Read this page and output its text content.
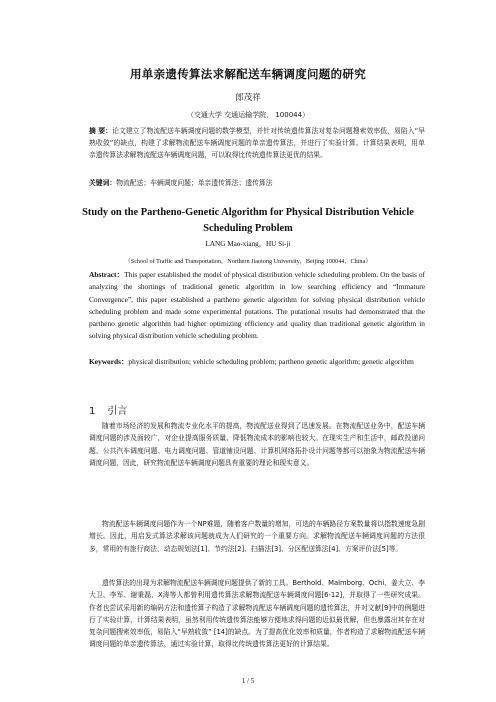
用单亲遗传算法求解配送车辆调度问题的研究
郎茂祥
（交通大学 交通运输学院， 100044）
摘 要：论文建立了物流配送车辆调度问题的数学模型，并针对传统遗传算法对复杂问题搜索效率低，易陷入“早熟收敛”的缺点，构建了求解物流配送车辆调度问题的单亲遗传算法，并进行了实验计算。计算结果表明，用单亲遗传算法求解物流配送车辆调度问题，可以取得比传统遗传算法更优的结果。
关键词：物流配送；车辆调度问题；单亲遗传算法；遗传算法
Study on the Partheno-Genetic Algorithm for Physical Distribution Vehicle Scheduling Problem
LANG Mao-xiang，HU Si-ji
（School of Traffic and Transportation，Northern Jiaotong University，Beijing 100044，China）
Abstract：This paper established the model of physical distribution vehicle scheduling problem. On the basis of analyzing the shortings of traditional genetic algorithm in low searching efficiency and “Immature Convergence”, this paper established a partheno genetic algorithm for solving physical distribution vehicle scheduling problem and made some experimental putations. The putational results had demonstrated that the partheno genetic algorithm had higher optimizing efficiency and quality than traditional genetic algorithm in solving physical distribution vehicle scheduling problem.
Keywords：physical distribution; vehicle scheduling problem; partheno genetic algorithm; genetic algorithm
1 引言
随着市场经济的发展和物流专业化水平的提高，物流配送业得到了迅速发展。在物流配送业务中，配送车辆调度问题的涉及面较广，对企业提高服务质量、降低物流成本的影响也较大。在现实生产和生活中，邮政投递问题、公共汽车调度问题、电力调度问题、管道铺设问题、计算机网络拓扑设计问题等都可以抽象为物流配送车辆调度问题，因此，研究物流配送车辆调度问题具有重要的理论和现实意义。
物流配送车辆调度问题作为一个NP难题，随着客户数量的增加，可选的车辆路径方案数量将以指数速度急剧增长。因此，用启发式算法求解该问题就成为人们研究的一个重要方向。求解物流配送车辆调度问题的方法很多，常用的有旅行商法、动态规划法[1]、节约法[2]、扫描法[3]、分区配送算法[4]、方案评价法[5]等。
遗传算法的出现为求解物流配送车辆调度问题提供了新的工具。Berthold、Malmborg、Ochi、姜大立、李大卫、李军、谢秉磊、X涛等人都曾利用遗传算法求解物流配送车辆调度问题[6-12]，并取得了一些研究成果。作者也尝试采用新的编码方法和遗传算子构造了求解物流配送车辆调度问题的遗传算法，并对文献[9]中的例题进行了实验计算，计算结果表明，虽然利用传统遗传算法能够方便地求得问题的近似最优解，但也暴露出其存在对复杂问题搜索效率低，易陷入“早熟收敛” [14]的缺点。为了提高优化效率和质量，作者构造了求解物流配送车辆调度问题的单亲遗传算法，通过实验计算，取得比传统遗传算法更好的计算结果。
1 / 5
